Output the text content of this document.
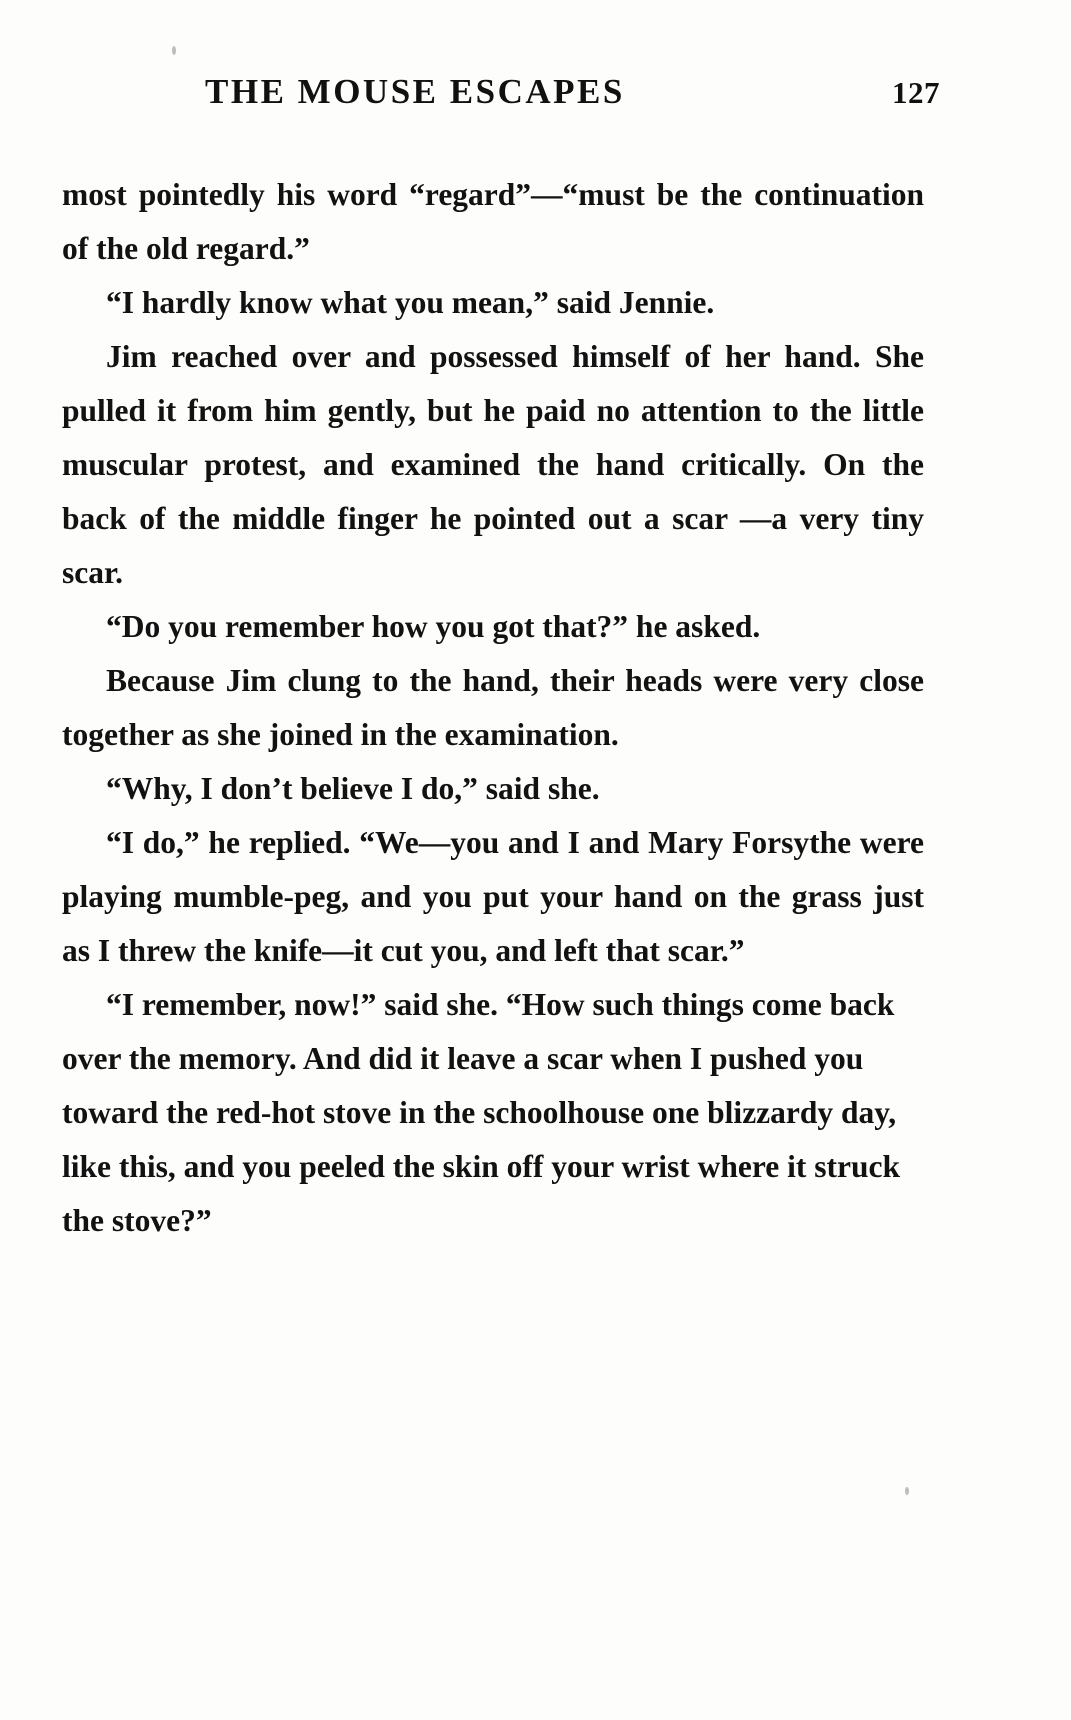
THE MOUSE ESCAPES	127

most pointedly his word “regard”—“must be the continuation of the old regard.”

“I hardly know what you mean,” said Jennie.

Jim reached over and possessed himself of her hand. She pulled it from him gently, but he paid no attention to the little muscular protest, and examined the hand critically. On the back of the middle finger he pointed out a scar —a very tiny scar.

“Do you remember how you got that?” he asked.

Because Jim clung to the hand, their heads were very close together as she joined in the examination.

“Why, I don’t believe I do,” said she.

“I do,” he replied. “We—you and I and Mary Forsythe were playing mumble-peg, and you put your hand on the grass just as I threw the knife—it cut you, and left that scar.”

“I remember, now!” said she. “How such things come back over the memory. And did it leave a scar when I pushed you toward the red-hot stove in the schoolhouse one blizzardy day, like this, and you peeled the skin off your wrist where it struck the stove?”
